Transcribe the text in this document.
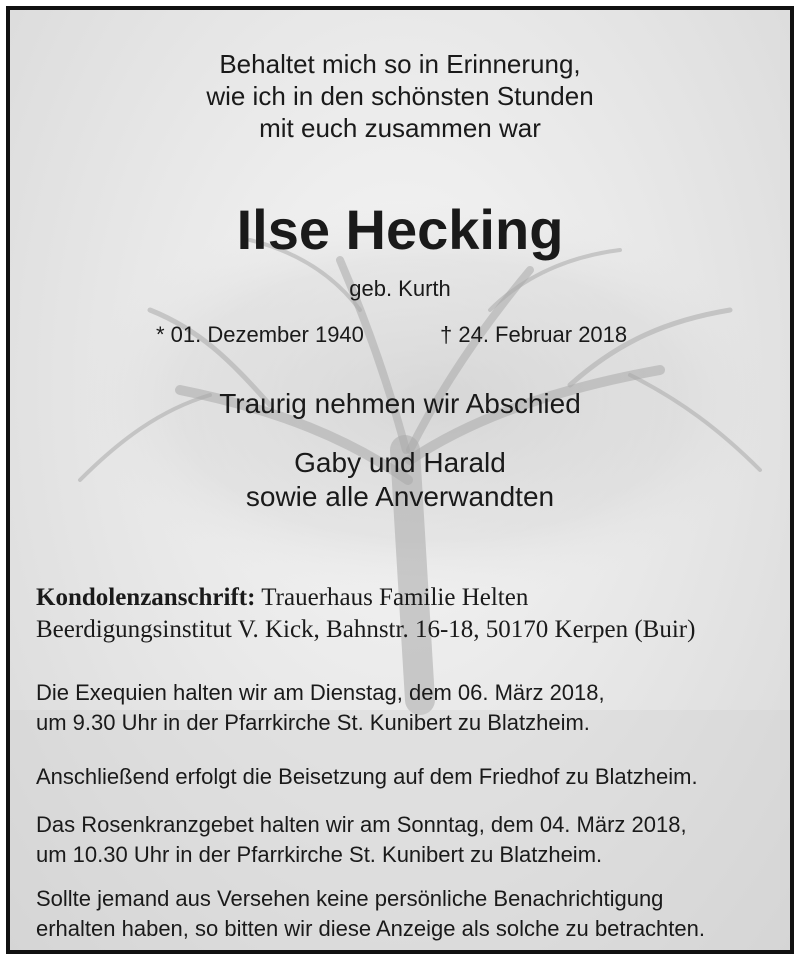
Behaltet mich so in Erinnerung,
wie ich in den schönsten Stunden
mit euch zusammen war
Ilse Hecking
geb. Kurth
* 01. Dezember 1940	† 24. Februar 2018
Traurig nehmen wir Abschied
Gaby und Harald
sowie alle Anverwandten
Kondolenzanschrift: Trauerhaus Familie Helten
Beerdigungsinstitut V. Kick, Bahnstr. 16-18, 50170 Kerpen (Buir)
Die Exequien halten wir am Dienstag, dem 06. März 2018,
um 9.30 Uhr in der Pfarrkirche St. Kunibert zu Blatzheim.
Anschließend erfolgt die Beisetzung auf dem Friedhof zu Blatzheim.
Das Rosenkranzgebet halten wir am Sonntag, dem 04. März 2018,
um 10.30 Uhr in der Pfarrkirche St. Kunibert zu Blatzheim.
Sollte jemand aus Versehen keine persönliche Benachrichtigung
erhalten haben, so bitten wir diese Anzeige als solche zu betrachten.
